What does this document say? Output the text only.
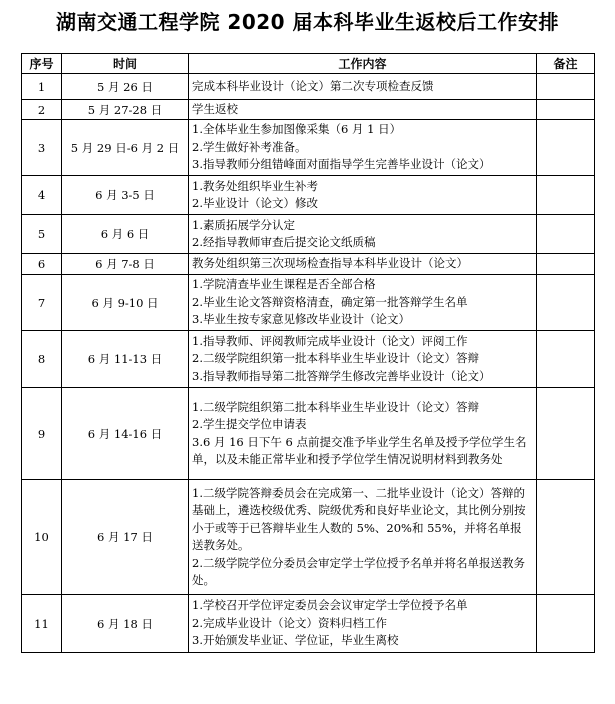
湖南交通工程学院 2020 届本科毕业生返校后工作安排
序号	时间	工作内容	备注
1	5 月 26 日	完成本科毕业设计（论文）第二次专项检查反馈	

2	5 月 27-28 日	学生返校	

3	5 月 29 日-6 月 2 日	1.全体毕业生参加图像采集（6 月 1 日）
2.学生做好补考准备。
3.指导教师分组错峰面对面指导学生完善毕业设计（论文）	

4	6 月 3-5 日	1.教务处组织毕业生补考
2.毕业设计（论文）修改	

5	6 月 6 日	1.素质拓展学分认定
2.经指导教师审查后提交论文纸质稿	

6	6 月 7-8 日	教务处组织第三次现场检查指导本科毕业设计（论文）	

7	6 月 9-10 日	1.学院清查毕业生课程是否全部合格
2.毕业生论文答辩资格清查，确定第一批答辩学生名单
3.毕业生按专家意见修改毕业设计（论文）	

8	6 月 11-13 日	1.指导教师、评阅教师完成毕业设计（论文）评阅工作
2.二级学院组织第一批本科毕业生毕业设计（论文）答辩
3.指导教师指导第二批答辩学生修改完善毕业设计（论文）	

9	6 月 14-16 日	1.二级学院组织第二批本科毕业生毕业设计（论文）答辩
2.学生提交学位申请表
3.6 月 16 日下午 6 点前提交准予毕业学生名单及授予学位学生名单，以及未能正常毕业和授予学位学生情况说明材料到教务处	

10	6 月 17 日	1.二级学院答辩委员会在完成第一、二批毕业设计（论文）答辩的基础上，遴选校级优秀、院级优秀和良好毕业论文，其比例分别按小于或等于已答辩毕业生人数的 5%、20%和 55%，并将名单报送教务处。
2.二级学院学位分委员会审定学士学位授予名单并将名单报送教务处。	

11	6 月 18 日	1.学校召开学位评定委员会会议审定学士学位授予名单
2.完成毕业设计（论文）资料归档工作
3.开始颁发毕业证、学位证，毕业生离校	
